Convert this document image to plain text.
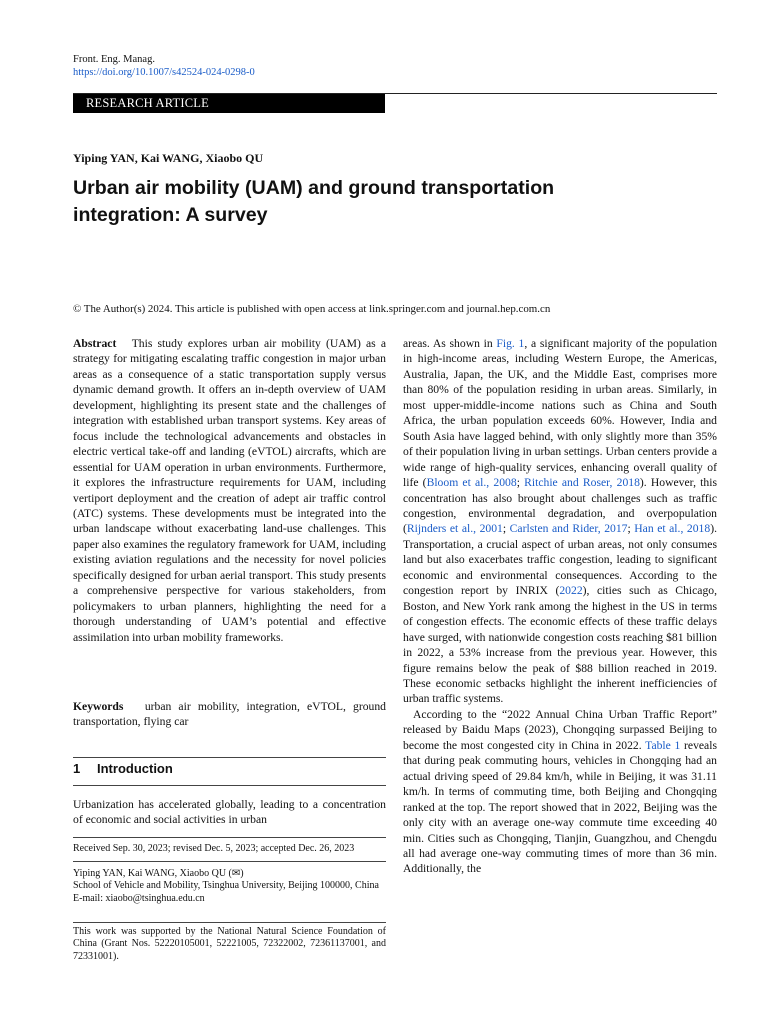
Front. Eng. Manag.
https://doi.org/10.1007/s42524-024-0298-0
RESEARCH ARTICLE
Yiping YAN, Kai WANG, Xiaobo QU
Urban air mobility (UAM) and ground transportation
integration: A survey
© The Author(s) 2024. This article is published with open access at link.springer.com and journal.hep.com.cn

Abstract This study explores urban air mobility (UAM) as a strategy for mitigating escalating traffic congestion in major urban areas as a consequence of a static transportation supply versus dynamic demand growth. It offers an in-depth overview of UAM development, highlighting its present state and the challenges of integration with established urban transport systems. Key areas of focus include the technological advancements and obstacles in electric vertical take-off and landing (eVTOL) aircrafts, which are essential for UAM operation in urban environments. Furthermore, it explores the infrastructure requirements for UAM, including vertiport deployment and the creation of adept air traffic control (ATC) systems. These developments must be integrated into the urban landscape without exacerbating land-use challenges. This paper also examines the regulatory framework for UAM, including existing aviation regulations and the necessity for novel policies specifically designed for urban aerial transport. This study presents a comprehensive perspective for various stakeholders, from policymakers to urban planners, highlighting the need for a thorough understanding of UAM’s potential and effective assimilation into urban mobility frameworks.

Keywords urban air mobility, integration, eVTOL, ground transportation, flying car

1 Introduction
Urbanization has accelerated globally, leading to a concentration of economic and social activities in urban
Received Sep. 30, 2023; revised Dec. 5, 2023; accepted Dec. 26, 2023
Yiping YAN, Kai WANG, Xiaobo QU (✉)
School of Vehicle and Mobility, Tsinghua University, Beijing 100000, China
E-mail: xiaobo@tsinghua.edu.cn
This work was supported by the National Natural Science Foundation of China (Grant Nos. 52220105001, 52221005, 72322002, 72361137001, and 72331001).

areas. As shown in Fig. 1, a significant majority of the population in high-income areas, including Western Europe, the Americas, Australia, Japan, the UK, and the Middle East, comprises more than 80% of the population residing in urban areas. Similarly, in most upper-middle-income nations such as China and South Africa, the urban population exceeds 60%. However, India and South Asia have lagged behind, with only slightly more than 35% of their population living in urban settings. Urban centers provide a wide range of high-quality services, enhancing overall quality of life (Bloom et al., 2008; Ritchie and Roser, 2018). However, this concentration has also brought about challenges such as traffic congestion, environmental degradation, and overpopulation (Rijnders et al., 2001; Carlsten and Rider, 2017; Han et al., 2018). Transportation, a crucial aspect of urban areas, not only consumes land but also exacerbates traffic congestion, leading to significant economic and environmental consequences. According to the congestion report by INRIX (2022), cities such as Chicago, Boston, and New York rank among the highest in the US in terms of congestion effects. The economic effects of these traffic delays have surged, with nationwide congestion costs reaching $81 billion in 2022, a 53% increase from the previous year. However, this figure remains below the peak of $88 billion reached in 2019. These economic setbacks highlight the inherent inefficiencies of urban traffic systems.

According to the “2022 Annual China Urban Traffic Report” released by Baidu Maps (2023), Chongqing surpassed Beijing to become the most congested city in China in 2022. Table 1 reveals that during peak commuting hours, vehicles in Chongqing had an actual driving speed of 29.84 km/h, while in Beijing, it was 31.11 km/h. In terms of commuting time, both Beijing and Chongqing ranked at the top. The report showed that in 2022, Beijing was the only city with an average one-way commute time exceeding 40 min. Cities such as Chongqing, Tianjin, Guangzhou, and Chengdu all had average one-way commuting times of more than 36 min. Additionally, the
